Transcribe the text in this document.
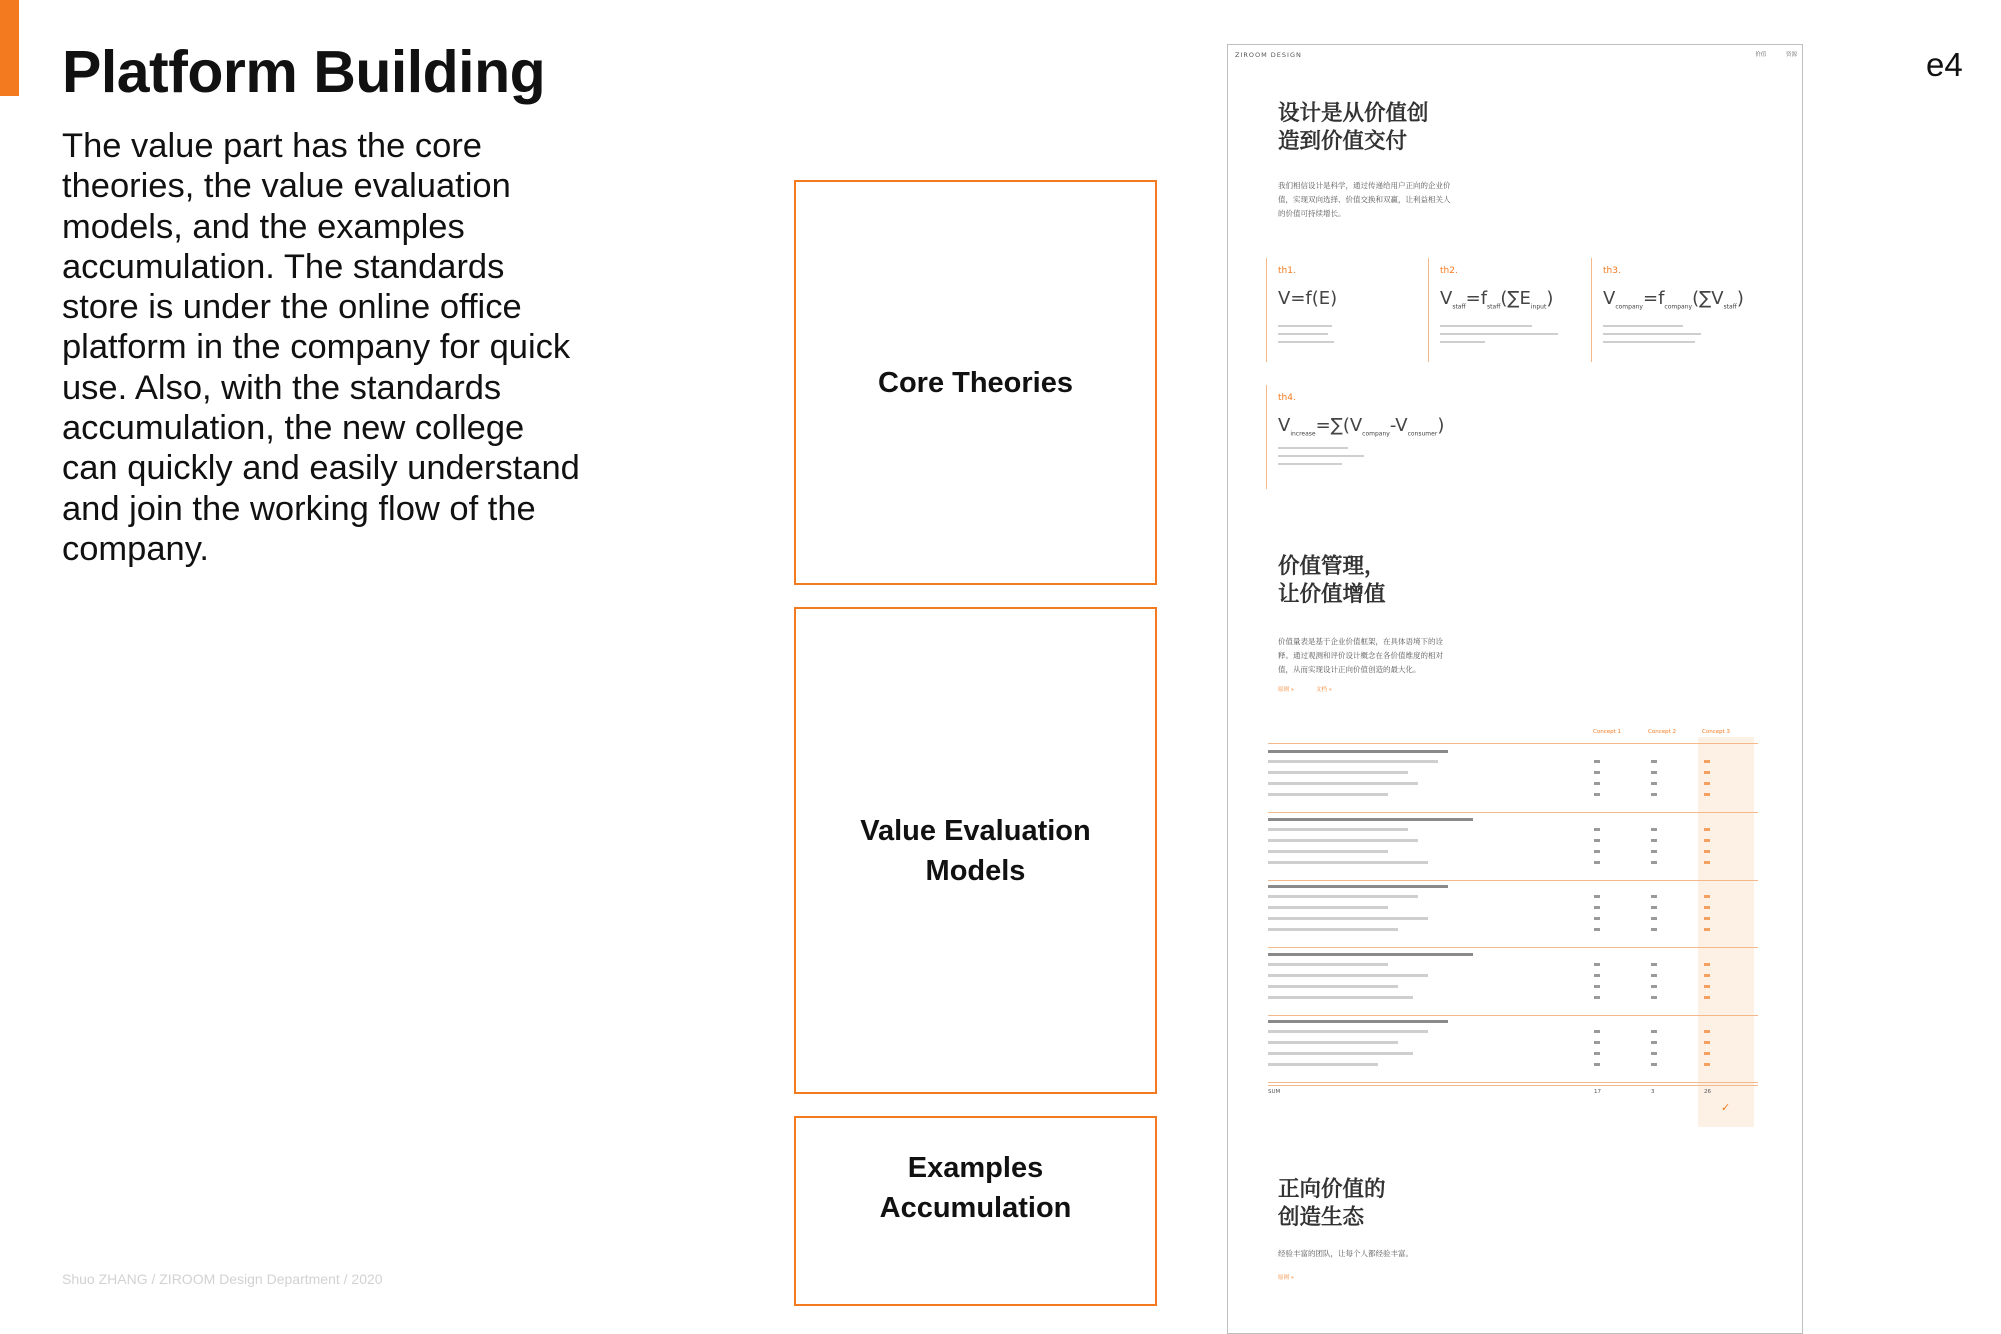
Platform Building

The value part has the core theories, the value evaluation models, and the examples accumulation. The standards store is under the online office platform in the company for quick use. Also, with the standards accumulation, the new college can quickly and easily understand and join the working flow of the company.

e4
Shuo ZHANG / ZIROOM Design Department / 2020
Core Theories
Value Evaluation
Models
Examples
Accumulation
ZIROOM DESIGN	价值	资源
设计是从价值创
造到价值交付

我们相信设计是科学，通过传递给用户正向的企业价值，实现双向选择、价值交换和双赢，让利益相关人的价值可持续增长。

th1.
V=f(E)
th2.
$V_{staff}=f_{staff}(\sum E_{input})$
th3.
$V_{company}=f_{company}(\sum V_{staff})$
th4.
$V_{increase}=\sum(V_{company}-V_{consumer})$
价值管理，
让价值增值

价值量表是基于企业价值框架，在具体语境下的诠释。通过观测和评价设计概念在各价值维度的相对值，从而实现设计正向价值创造的最大化。

原则 »	文档 »
Concept 1	Concept 2	Concept 3
SUM	17	3	26
✓
正向价值的
创造生态

经验丰富的团队，让每个人都经验丰富。

原则 »
